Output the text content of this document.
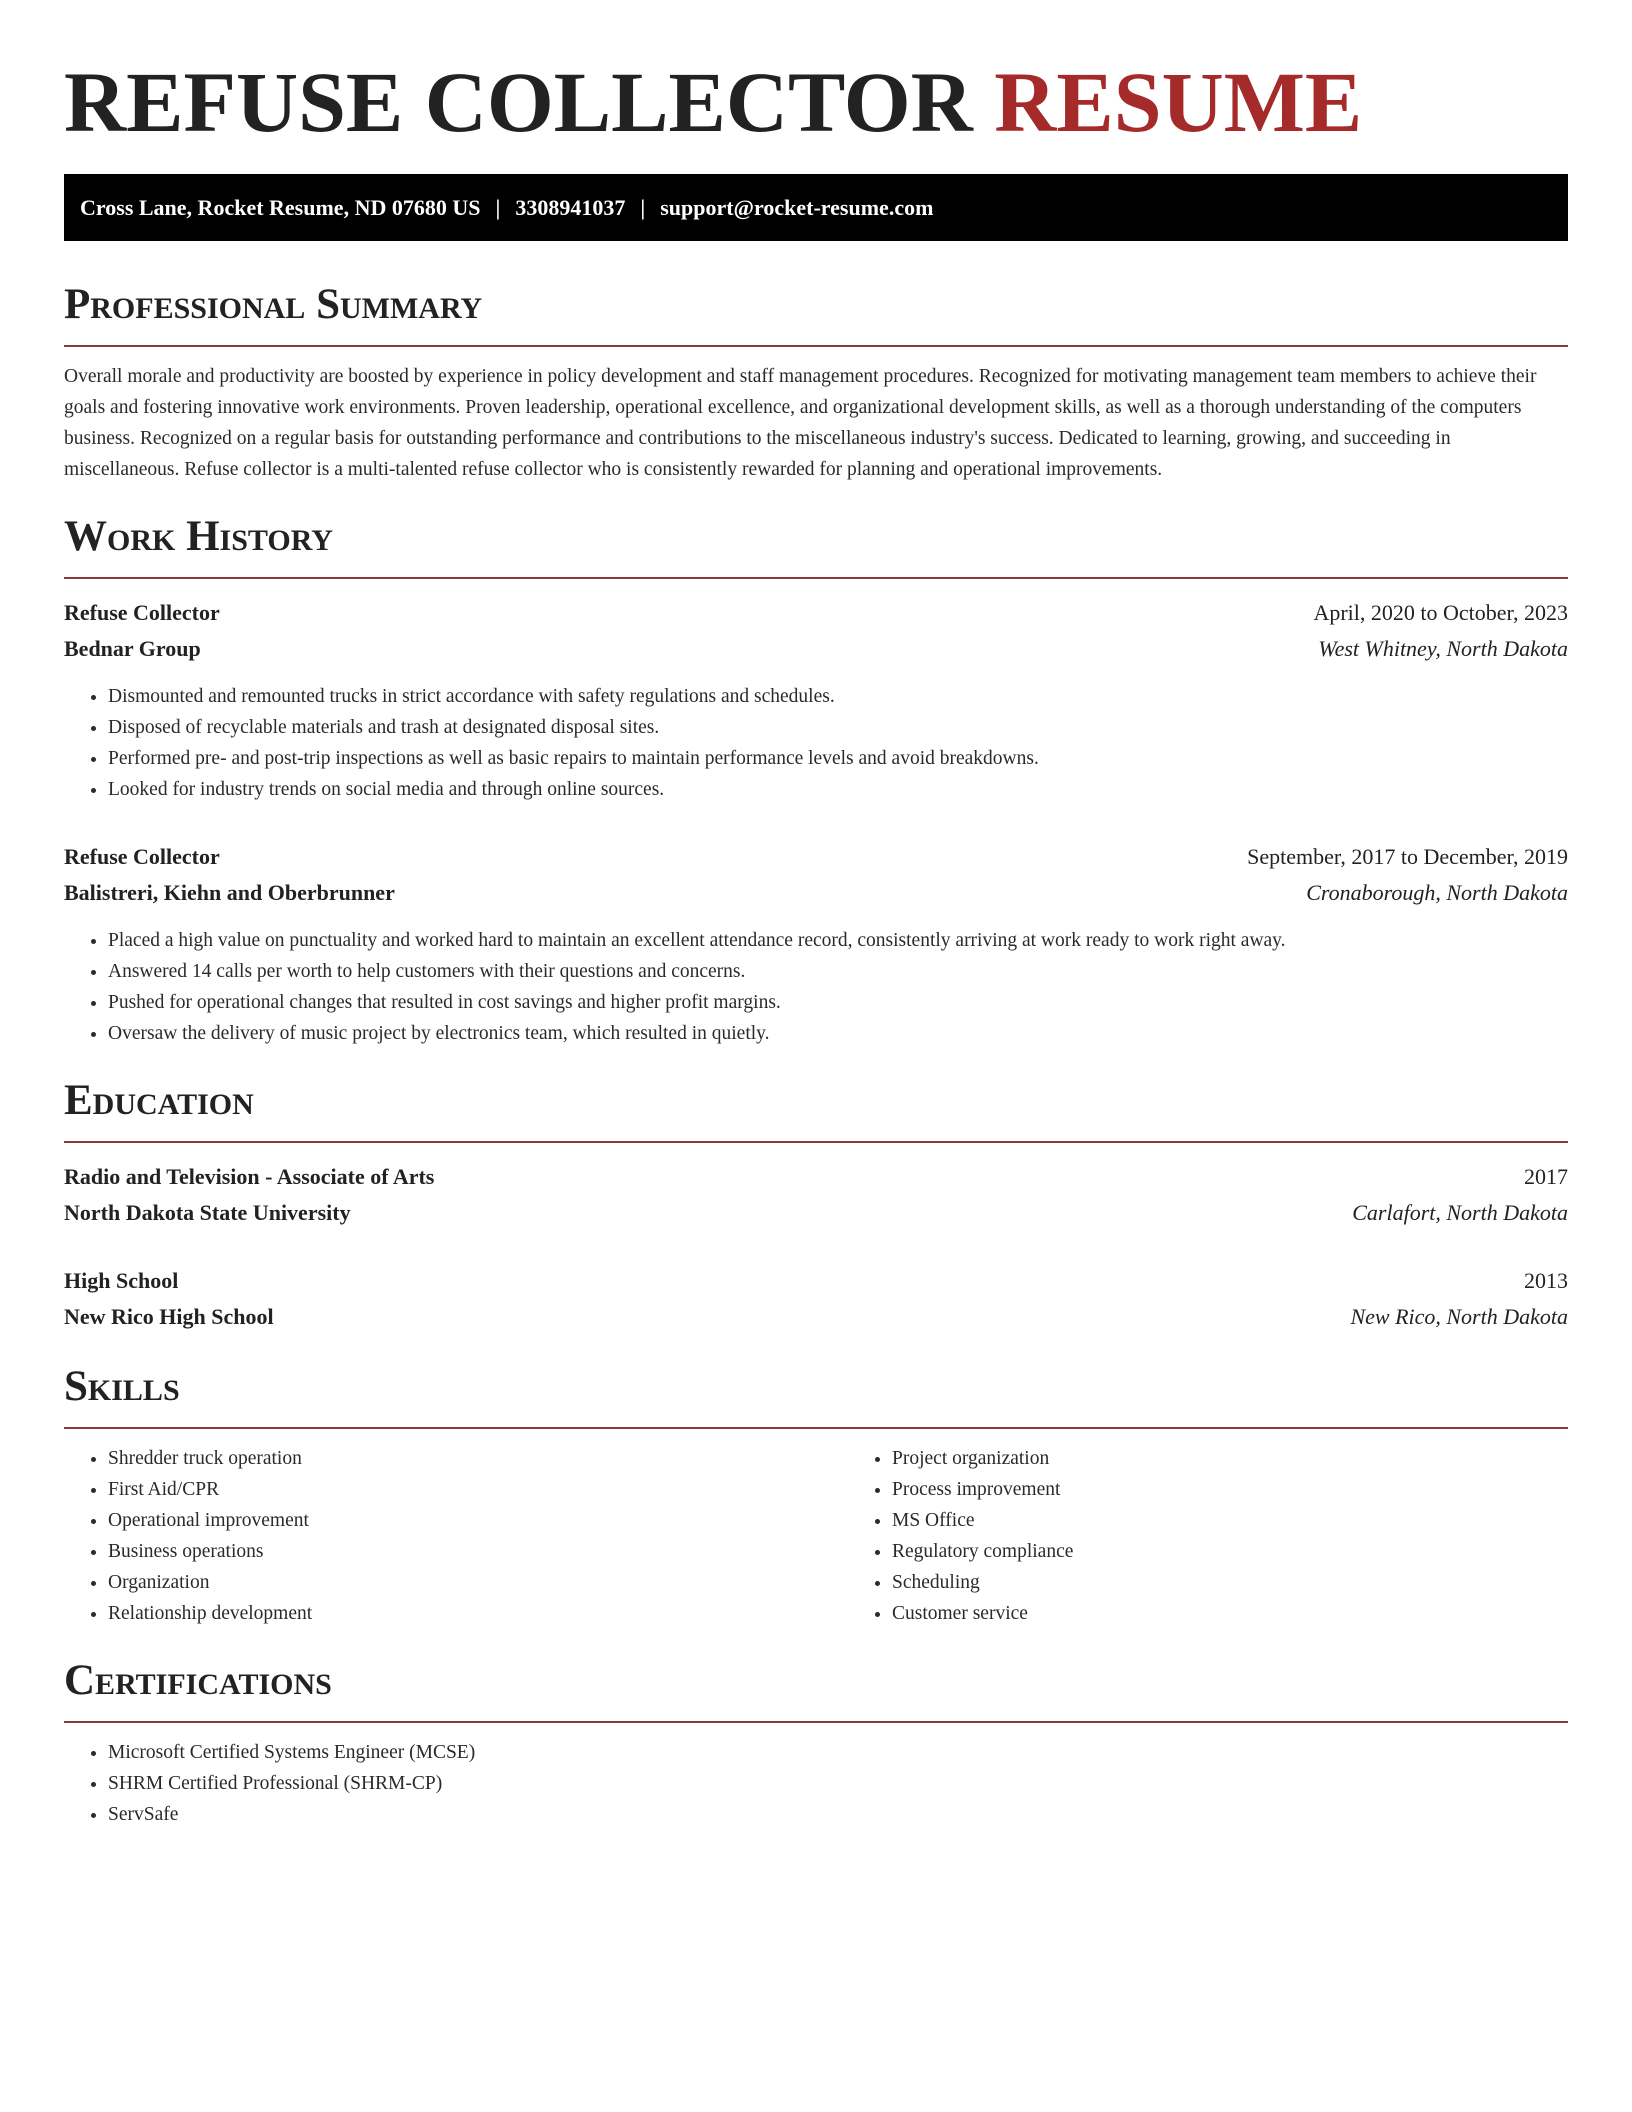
REFUSE COLLECTOR RESUME
Cross Lane, Rocket Resume, ND 07680 US | 3308941037 | support@rocket-resume.com
Professional Summary

Overall morale and productivity are boosted by experience in policy development and staff management procedures. Recognized for motivating management team members to achieve their goals and fostering innovative work environments. Proven leadership, operational excellence, and organizational development skills, as well as a thorough understanding of the computers business. Recognized on a regular basis for outstanding performance and contributions to the miscellaneous industry's success. Dedicated to learning, growing, and succeeding in miscellaneous. Refuse collector is a multi-talented refuse collector who is consistently rewarded for planning and operational improvements.

Work History
Refuse Collector	April, 2020 to October, 2023
Bednar Group	West Whitney, North Dakota
• Dismounted and remounted trucks in strict accordance with safety regulations and schedules.
• Disposed of recyclable materials and trash at designated disposal sites.
• Performed pre- and post-trip inspections as well as basic repairs to maintain performance levels and avoid breakdowns.
• Looked for industry trends on social media and through online sources.
Refuse Collector	September, 2017 to December, 2019
Balistreri, Kiehn and Oberbrunner	Cronaborough, North Dakota
• Placed a high value on punctuality and worked hard to maintain an excellent attendance record, consistently arriving at work ready to work right away.
• Answered 14 calls per worth to help customers with their questions and concerns.
• Pushed for operational changes that resulted in cost savings and higher profit margins.
• Oversaw the delivery of music project by electronics team, which resulted in quietly.
Education
Radio and Television - Associate of Arts	2017
North Dakota State University	Carlafort, North Dakota
High School	2013
New Rico High School	New Rico, North Dakota
Skills
• Shredder truck operation
• First Aid/CPR
• Operational improvement
• Business operations
• Organization
• Relationship development
• Project organization
• Process improvement
• MS Office
• Regulatory compliance
• Scheduling
• Customer service
Certifications
• Microsoft Certified Systems Engineer (MCSE)
• SHRM Certified Professional (SHRM-CP)
• ServSafe
